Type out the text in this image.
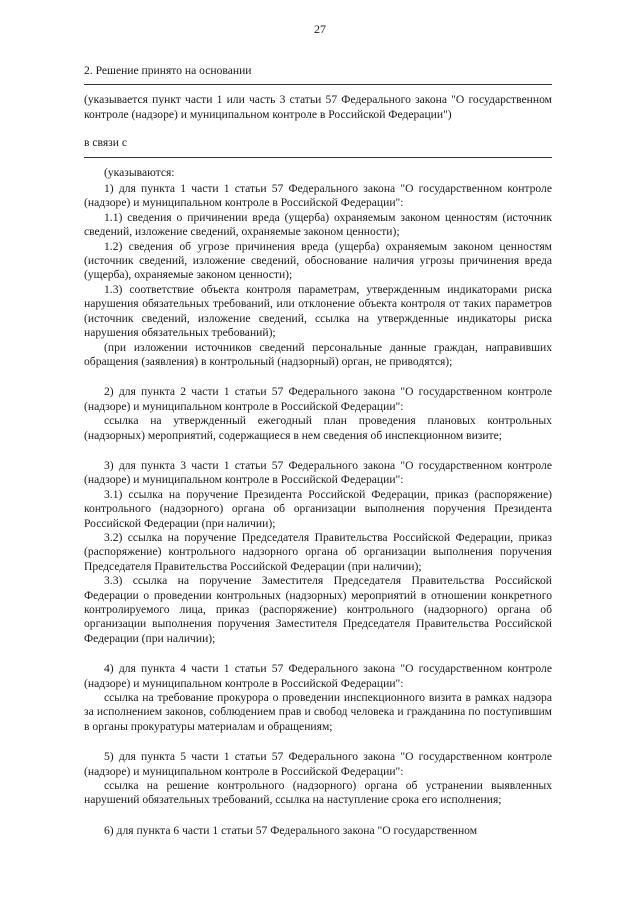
27

2. Решение принято на основании

(указывается пункт части 1 или часть 3 статьи 57 Федерального закона "О государственном контроле (надзоре) и муниципальном контроле в Российской Федерации")

в связи с

(указываются:

1) для пункта 1 части 1 статьи 57 Федерального закона "О государственном контроле (надзоре) и муниципальном контроле в Российской Федерации":

1.1) сведения о причинении вреда (ущерба) охраняемым законом ценностям (источник сведений, изложение сведений, охраняемые законом ценности);

1.2) сведения об угрозе причинения вреда (ущерба) охраняемым законом ценностям (источник сведений, изложение сведений, обоснование наличия угрозы причинения вреда (ущерба), охраняемые законом ценности);

1.3) соответствие объекта контроля параметрам, утвержденным индикаторами риска нарушения обязательных требований, или отклонение объекта контроля от таких параметров (источник сведений, изложение сведений, ссылка на утвержденные индикаторы риска нарушения обязательных требований);

(при изложении источников сведений персональные данные граждан, направивших обращения (заявления) в контрольный (надзорный) орган, не приводятся);

2) для пункта 2 части 1 статьи 57 Федерального закона "О государственном контроле (надзоре) и муниципальном контроле в Российской Федерации":

ссылка на утвержденный ежегодный план проведения плановых контрольных (надзорных) мероприятий, содержащиеся в нем сведения об инспекционном визите;

3) для пункта 3 части 1 статьи 57 Федерального закона "О государственном контроле (надзоре) и муниципальном контроле в Российской Федерации":

3.1) ссылка на поручение Президента Российской Федерации, приказ (распоряжение) контрольного (надзорного) органа об организации выполнения поручения Президента Российской Федерации (при наличии);

3.2) ссылка на поручение Председателя Правительства Российской Федерации, приказ (распоряжение) контрольного надзорного органа об организации выполнения поручения Председателя Правительства Российской Федерации (при наличии);

3.3) ссылка на поручение Заместителя Председателя Правительства Российской Федерации о проведении контрольных (надзорных) мероприятий в отношении конкретного контролируемого лица, приказ (распоряжение) контрольного (надзорного) органа об организации выполнения поручения Заместителя Председателя Правительства Российской Федерации (при наличии);

4) для пункта 4 части 1 статьи 57 Федерального закона "О государственном контроле (надзоре) и муниципальном контроле в Российской Федерации":

ссылка на требование прокурора о проведении инспекционного визита в рамках надзора за исполнением законов, соблюдением прав и свобод человека и гражданина по поступившим в органы прокуратуры материалам и обращениям;

5) для пункта 5 части 1 статьи 57 Федерального закона "О государственном контроле (надзоре) и муниципальном контроле в Российской Федерации":

ссылка на решение контрольного (надзорного) органа об устранении выявленных нарушений обязательных требований, ссылка на наступление срока его исполнения;

6) для пункта 6 части 1 статьи 57 Федерального закона "О государственном
